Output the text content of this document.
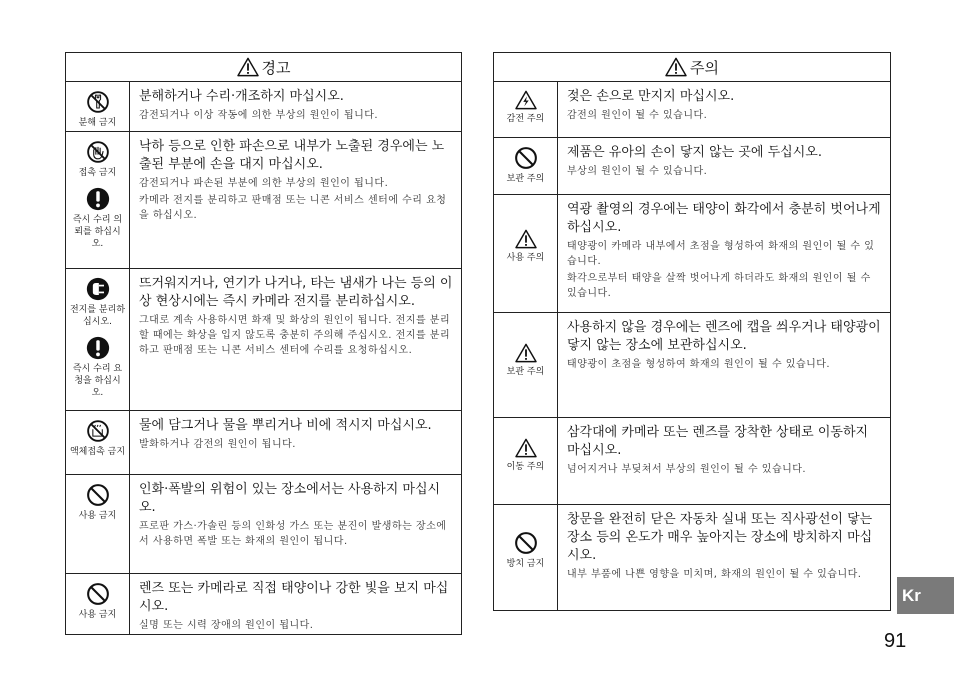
경고
분해 금지
분해하거나 수리·개조하지 마십시오.
감전되거나 이상 작동에 의한 부상의 원인이 됩니다.
접촉 금지
즉시 수리 의뢰를 하십시오.
낙하 등으로 인한 파손으로 내부가 노출된 경우에는 노출된 부분에 손을 대지 마십시오.
감전되거나 파손된 부분에 의한 부상의 원인이 됩니다.
카메라 전지를 분리하고 판매점 또는 니콘 서비스 센터에 수리 요청을 하십시오.
전지를 분리하십시오.
즉시 수리 요청을 하십시오.
뜨거워지거나, 연기가 나거나, 타는 냄새가 나는 등의 이상 현상시에는 즉시 카메라 전지를 분리하십시오.
그대로 계속 사용하시면 화재 및 화상의 원인이 됩니다. 전지를 분리할 때에는 화상을 입지 않도록 충분히 주의해 주십시오. 전지를 분리하고 판매점 또는 니콘 서비스 센터에 수리를 요청하십시오.
액체접촉 금지
물에 담그거나 물을 뿌리거나 비에 적시지 마십시오.
발화하거나 감전의 원인이 됩니다.
사용 금지
인화·폭발의 위험이 있는 장소에서는 사용하지 마십시오.
프로판 가스·가솔린 등의 인화성 가스 또는 분진이 발생하는 장소에서 사용하면 폭발 또는 화재의 원인이 됩니다.
사용 금지
렌즈 또는 카메라로 직접 태양이나 강한 빛을 보지 마십시오.
실명 또는 시력 장애의 원인이 됩니다.
주의
감전 주의
젖은 손으로 만지지 마십시오.
감전의 원인이 될 수 있습니다.
보관 주의
제품은 유아의 손이 닿지 않는 곳에 두십시오.
부상의 원인이 될 수 있습니다.
사용 주의
역광 촬영의 경우에는 태양이 화각에서 충분히 벗어나게 하십시오.
태양광이 카메라 내부에서 초점을 형성하여 화재의 원인이 될 수 있습니다.
화각으로부터 태양을 살짝 벗어나게 하더라도 화재의 원인이 될 수 있습니다.
보관 주의
사용하지 않을 경우에는 렌즈에 캡을 씌우거나 태양광이 닿지 않는 장소에 보관하십시오.
태양광이 초점을 형성하여 화재의 원인이 될 수 있습니다.
이동 주의
삼각대에 카메라 또는 렌즈를 장착한 상태로 이동하지 마십시오.
넘어지거나 부딪쳐서 부상의 원인이 될 수 있습니다.
방치 금지
창문을 완전히 닫은 자동차 실내 또는 직사광선이 닿는 장소 등의 온도가 매우 높아지는 장소에 방치하지 마십시오.
내부 부품에 나쁜 영향을 미치며, 화재의 원인이 될 수 있습니다.
Kr
91
